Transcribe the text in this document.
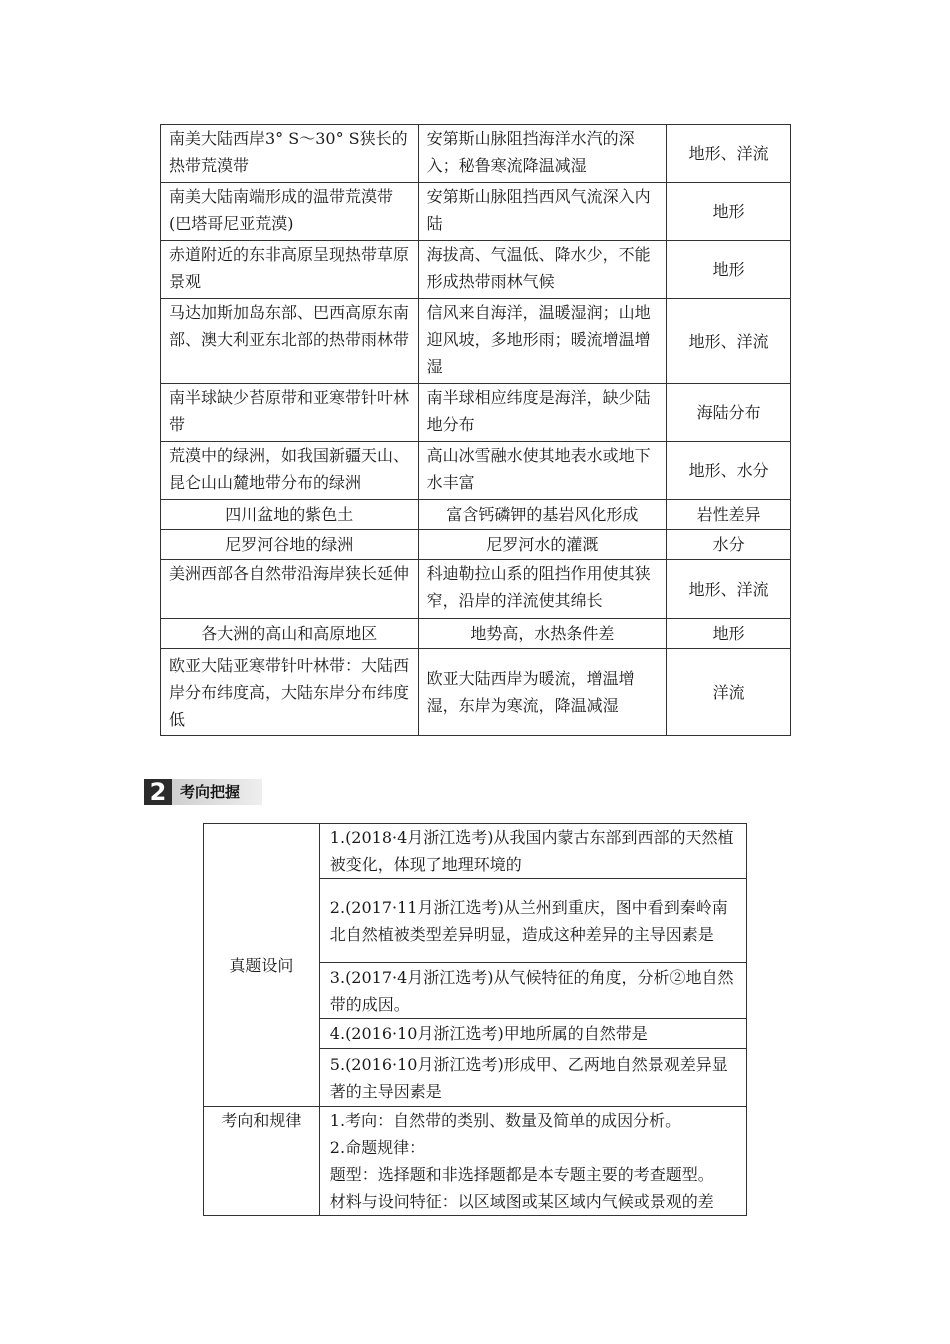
南美大陆西岸3° S～30° S狭长的热带荒漠带	安第斯山脉阻挡海洋水汽的深入；秘鲁寒流降温减湿	地形、洋流
南美大陆南端形成的温带荒漠带(巴塔哥尼亚荒漠)	安第斯山脉阻挡西风气流深入内陆	地形
赤道附近的东非高原呈现热带草原景观	海拔高、气温低、降水少，不能形成热带雨林气候	地形
马达加斯加岛东部、巴西高原东南部、澳大利亚东北部的热带雨林带	信风来自海洋，温暖湿润；山地迎风坡，多地形雨；暖流增温增湿	地形、洋流
南半球缺少苔原带和亚寒带针叶林带	南半球相应纬度是海洋，缺少陆地分布	海陆分布
荒漠中的绿洲，如我国新疆天山、昆仑山山麓地带分布的绿洲	高山冰雪融水使其地表水或地下水丰富	地形、水分
四川盆地的紫色土	富含钙磷钾的基岩风化形成	岩性差异
尼罗河谷地的绿洲	尼罗河水的灌溉	水分
美洲西部各自然带沿海岸狭长延伸	科迪勒拉山系的阻挡作用使其狭窄，沿岸的洋流使其绵长	地形、洋流
各大洲的高山和高原地区	地势高，水热条件差	地形
欧亚大陆亚寒带针叶林带：大陆西岸分布纬度高，大陆东岸分布纬度低	欧亚大陆西岸为暖流，增温增湿，东岸为寒流，降温减湿	洋流
2 考向把握
真题设问	1.(2018·4月浙江选考)从我国内蒙古东部到西部的天然植被变化，体现了地理环境的
	2.(2017·11月浙江选考)从兰州到重庆，图中看到秦岭南北自然植被类型差异明显，造成这种差异的主导因素是
	3.(2017·4月浙江选考)从气候特征的角度，分析②地自然带的成因。
	4.(2016·10月浙江选考)甲地所属的自然带是
	5.(2016·10月浙江选考)形成甲、乙两地自然景观差异显著的主导因素是
考向和规律	1.考向：自然带的类别、数量及简单的成因分析。
2.命题规律：
题型：选择题和非选择题都是本专题主要的考查题型。
材料与设问特征：以区域图或某区域内气候或景观的差
